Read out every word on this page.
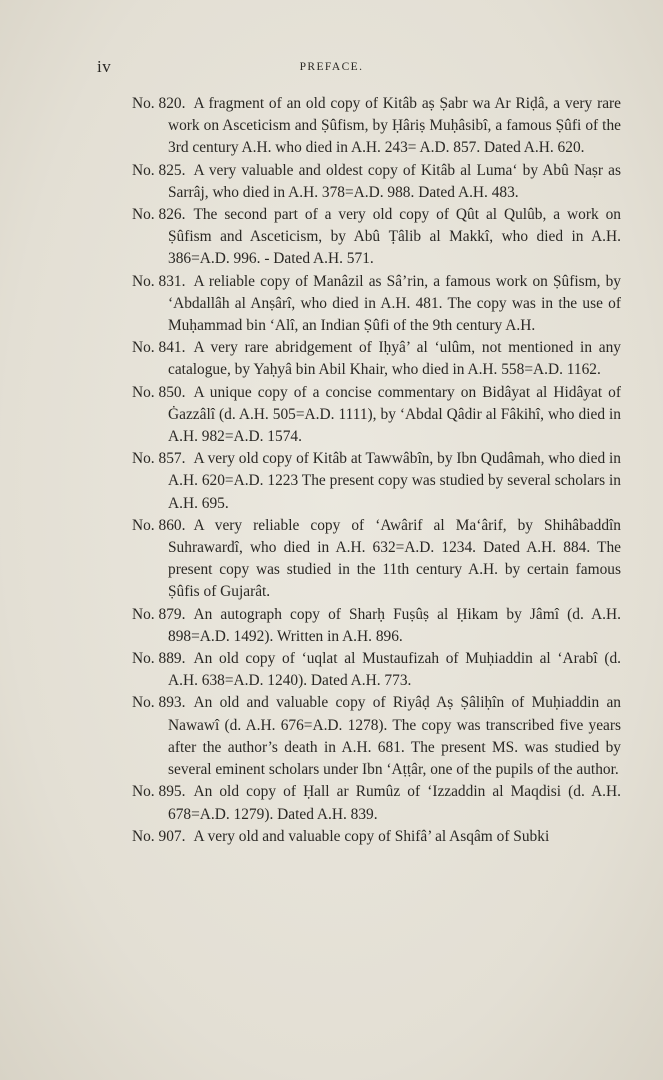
iv	PREFACE.
No. 820. A fragment of an old copy of Kitâb aṣ Ṣabr wa Ar Riḍâ, a very rare work on Asceticism and Ṣûfism, by Ḥâriṣ Muḥâsibî, a famous Ṣûfi of the 3rd century A.H. who died in A.H. 243= A.D. 857. Dated A.H. 620.
No. 825. A very valuable and oldest copy of Kitâb al Luma‘ by Abû Naṣr as Sarrâj, who died in A.H. 378=A.D. 988. Dated A.H. 483.
No. 826. The second part of a very old copy of Qût al Qulûb, a work on Ṣûfism and Asceticism, by Abû Ṭâlib al Makkî, who died in A.H. 386=A.D. 996. - Dated A.H. 571.
No. 831. A reliable copy of Manâzil as Sâ’rin, a famous work on Ṣûfism, by ‘Abdallâh al Anṣârî, who died in A.H. 481. The copy was in the use of Muḥammad bin ‘Alî, an Indian Ṣûfi of the 9th century A.H.
No. 841. A very rare abridgement of Iḥyâ’ al ‘ulûm, not mentioned in any catalogue, by Yaḥyâ bin Abil Khair, who died in A.H. 558=A.D. 1162.
No. 850. A unique copy of a concise commentary on Bidâyat al Hidâyat of Ġazzâlî (d. A.H. 505=A.D. 1111), by ‘Abdal Qâdir al Fâkihî, who died in A.H. 982=A.D. 1574.
No. 857. A very old copy of Kitâb at Tawwâbîn, by Ibn Qudâmah, who died in A.H. 620=A.D. 1223 The present copy was studied by several scholars in A.H. 695.
No. 860. A very reliable copy of ‘Awârif al Ma‘ârif, by Shihâbaddîn Suhrawardî, who died in A.H. 632=A.D. 1234. Dated A.H. 884. The present copy was studied in the 11th century A.H. by certain famous Ṣûfis of Gujarât.
No. 879. An autograph copy of Sharḥ Fuṣûṣ al Ḥikam by Jâmî (d. A.H. 898=A.D. 1492). Written in A.H. 896.
No. 889. An old copy of ‘uqlat al Mustaufizah of Muḥiaddin al ‘Arabî (d. A.H. 638=A.D. 1240). Dated A.H. 773.
No. 893. An old and valuable copy of Riyâḍ Aṣ Ṣâliḥîn of Muḥiaddin an Nawawî (d. A.H. 676=A.D. 1278). The copy was transcribed five years after the author’s death in A.H. 681. The present MS. was studied by several eminent scholars under Ibn ‘Aṭṭâr, one of the pupils of the author.
No. 895. An old copy of Ḥall ar Rumûz of ‘Izzaddin al Maqdisi (d. A.H. 678=A.D. 1279). Dated A.H. 839.
No. 907. A very old and valuable copy of Shifâ’ al Asqâm of Subki
